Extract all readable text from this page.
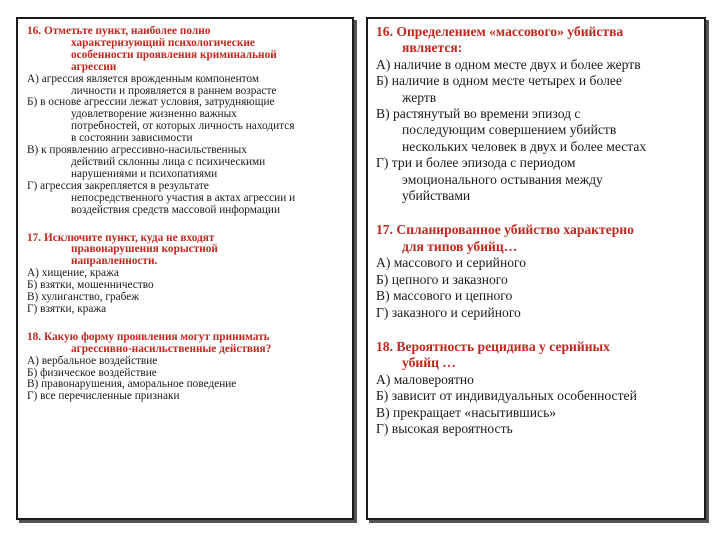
16. Отметьте пункт, наиболее полно
характеризующий психологические
особенности проявления криминальной
агрессии

А) агрессия является врожденным компонентом
личности и проявляется в раннем возрасте

Б) в основе агрессии лежат условия, затрудняющие
удовлетворение жизненно важных
потребностей, от которых личность находится
в состоянии зависимости

В) к проявлению агрессивно-насильственных
действий склонны лица с психическими
нарушениями и психопатиями

Г) агрессия закрепляется в результате
непосредственного участия в актах агрессии и
воздействия средств массовой информации

17. Исключите пункт, куда не входят
правонарушения корыстной
направленности.

А) хищение, кража

Б) взятки, мошенничество

В) хулиганство, грабеж

Г) взятки, кража

18. Какую форму проявления могут принимать
агрессивно-насильственные действия?

А) вербальное воздействие

Б) физическое воздействие

В) правонарушения, аморальное поведение

Г) все перечисленные признаки

16. Определением «массового» убийства
является:

А) наличие в одном месте двух и более жертв

Б) наличие в одном месте четырех и более
жертв

В) растянутый во времени эпизод с
последующим совершением убийств
нескольких человек в двух и более местах

Г) три и более эпизода с периодом
эмоционального остывания между
убийствами

17. Спланированное убийство характерно
для типов убийц…

А) массового и серийного

Б) цепного и заказного

В) массового и цепного

Г) заказного и серийного

18. Вероятность рецидива у серийных
убийц …

А) маловероятно

Б) зависит от индивидуальных особенностей

В) прекращает «насытившись»

Г) высокая вероятность
